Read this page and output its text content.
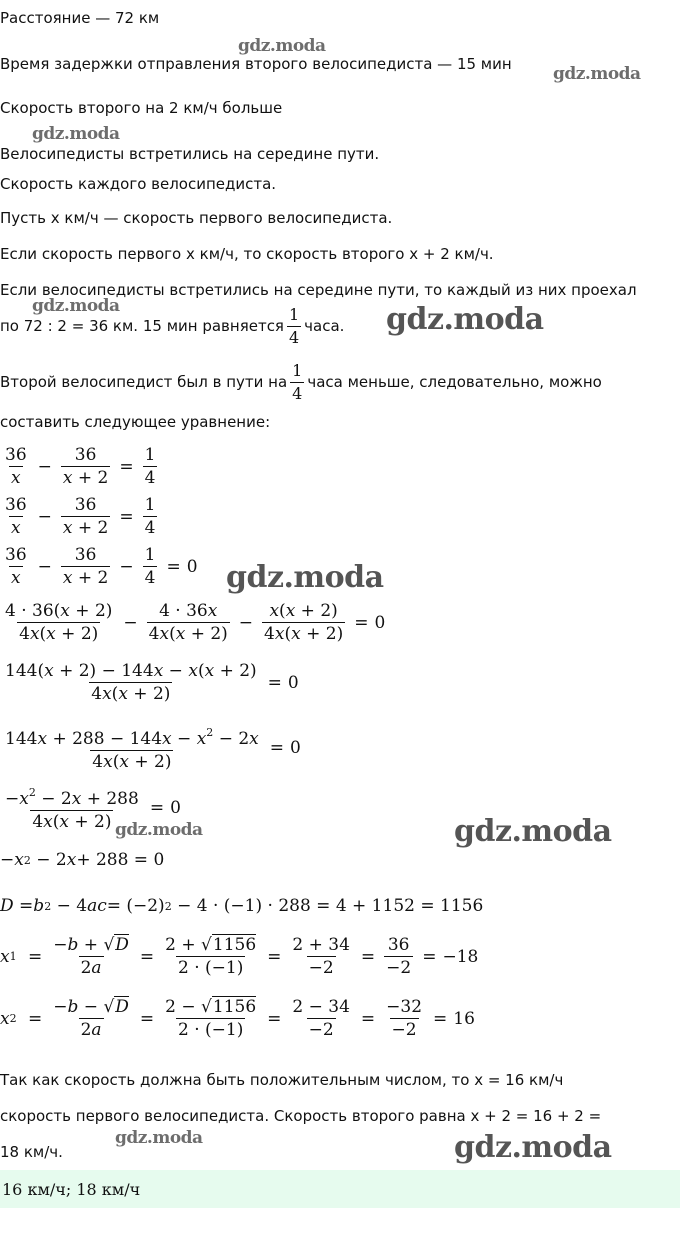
Расстояние — 72 км
Время задержки отправления второго велосипедиста — 15 мин
Скорость второго на 2 км/ч больше
Велосипедисты встретились на середине пути.
Скорость каждого велосипедиста.
Пусть x км/ч — скорость первого велосипедиста.
Если скорость первого x км/ч, то скорость второго x + 2 км/ч.
Если велосипедисты встретились на середине пути, то каждый из них проехал
по 72 : 2 = 36 км. 15 мин равняется $\frac{1}{4}$ часа.
Второй велосипедист был в пути на $\frac{1}{4}$ часа меньше, следовательно, можно
составить следующее уравнение:
$\frac{36}{x} - \frac{36}{x + 2} = \frac{1}{4}$
$\frac{36}{x} - \frac{36}{x + 2} = \frac{1}{4}$
$\frac{36}{x} - \frac{36}{x + 2} - \frac{1}{4} = 0$
$\frac{4 \cdot 36(x + 2)}{4x(x + 2)} - \frac{4 \cdot 36x}{4x(x + 2)} - \frac{x(x + 2)}{4x(x + 2)} = 0$
$\frac{144(x + 2) - 144x - x(x + 2)}{4x(x + 2)} = 0$
$\frac{144x + 288 - 144x - x^2 - 2x}{4x(x + 2)} = 0$
$\frac{-x^2 - 2x + 288}{4x(x + 2)} = 0$
− x 2 − 2 x + 288 = 0
D = b 2 − 4 ac = (−2) 2 − 4 · (−1) · 288 = 4 + 1152 = 1156
x 1
= $\frac{-b + √D}{2a} = \frac{2 + √1156}{2 \cdot (-1)} = \frac{2 + 34}{-2} = \frac{36}{-2} = -18$
x 2
= $\frac{-b - √D}{2a} = \frac{2 - √1156}{2 \cdot (-1)} = \frac{2 - 34}{-2} = \frac{-32}{-2} = 16$
Так как скорость должна быть положительным числом, то x = 16 км/ч
скорость первого велосипедиста. Скорость второго равна x + 2 = 16 + 2 =
18 км/ч.
16 км/ч; 18 км/ч
gdz.moda
gdz.moda
gdz.moda
gdz.moda	gdz.moda
gdz.moda
gdz.moda	gdz.moda
gdz.moda	gdz.moda
